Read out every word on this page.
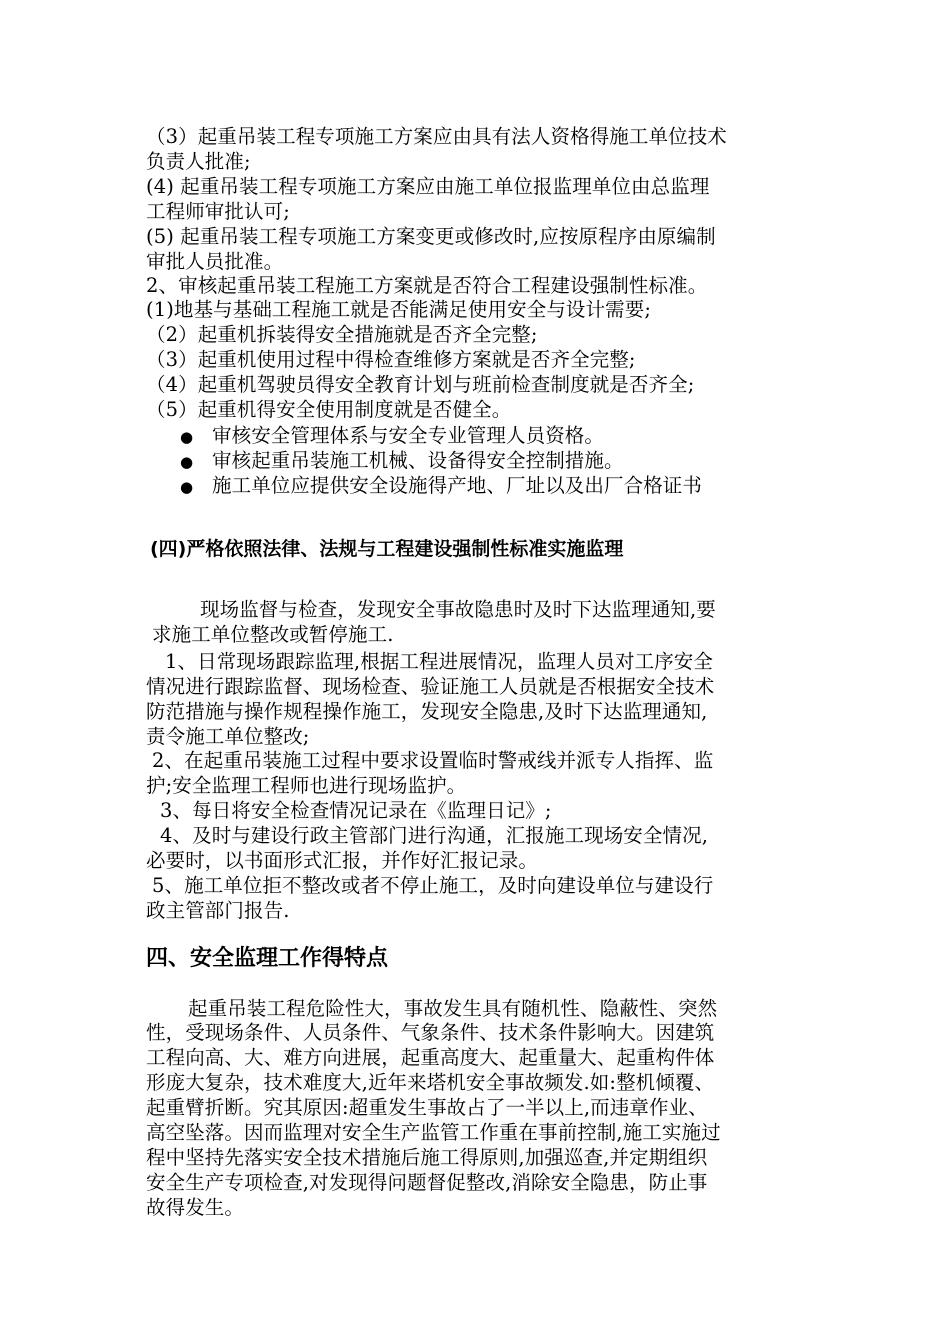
（3）起重吊装工程专项施工方案应由具有法人资格得施工单位技术
负责人批准;
(4) 起重吊装工程专项施工方案应由施工单位报监理单位由总监理
工程师审批认可;
(5) 起重吊装工程专项施工方案变更或修改时,应按原程序由原编制
审批人员批准。
2、审核起重吊装工程施工方案就是否符合工程建设强制性标准。
(1)地基与基础工程施工就是否能满足使用安全与设计需要;
（2）起重机拆装得安全措施就是否齐全完整;
（3）起重机使用过程中得检查维修方案就是否齐全完整;
（4）起重机驾驶员得安全教育计划与班前检查制度就是否齐全;
（5）起重机得安全使用制度就是否健全。
● 审核安全管理体系与安全专业管理人员资格。
● 审核起重吊装施工机械、设备得安全控制措施。
● 施工单位应提供安全设施得产地、厂址以及出厂合格证书
(四)严格依照法律、法规与工程建设强制性标准实施监理
现场监督与检查，发现安全事故隐患时及时下达监理通知,要
求施工单位整改或暂停施工.
1、日常现场跟踪监理,根据工程进展情况，监理人员对工序安全
情况进行跟踪监督、现场检查、验证施工人员就是否根据安全技术
防范措施与操作规程操作施工，发现安全隐患,及时下达监理通知,
责令施工单位整改;
2、在起重吊装施工过程中要求设置临时警戒线并派专人指挥、监
护;安全监理工程师也进行现场监护。
3、每日将安全检查情况记录在《监理日记》;
4、及时与建设行政主管部门进行沟通，汇报施工现场安全情况,
必要时，以书面形式汇报，并作好汇报记录。
5、施工单位拒不整改或者不停止施工，及时向建设单位与建设行
政主管部门报告.
四、安全监理工作得特点
起重吊装工程危险性大，事故发生具有随机性、隐蔽性、突然
性，受现场条件、人员条件、气象条件、技术条件影响大。因建筑
工程向高、大、难方向进展，起重高度大、起重量大、起重构件体
形庞大复杂，技术难度大,近年来塔机安全事故频发.如:整机倾覆、
起重臂折断。究其原因:超重发生事故占了一半以上,而违章作业、
高空坠落。因而监理对安全生产监管工作重在事前控制,施工实施过
程中坚持先落实安全技术措施后施工得原则,加强巡查,并定期组织
安全生产专项检查,对发现得问题督促整改,消除安全隐患，防止事
故得发生。
